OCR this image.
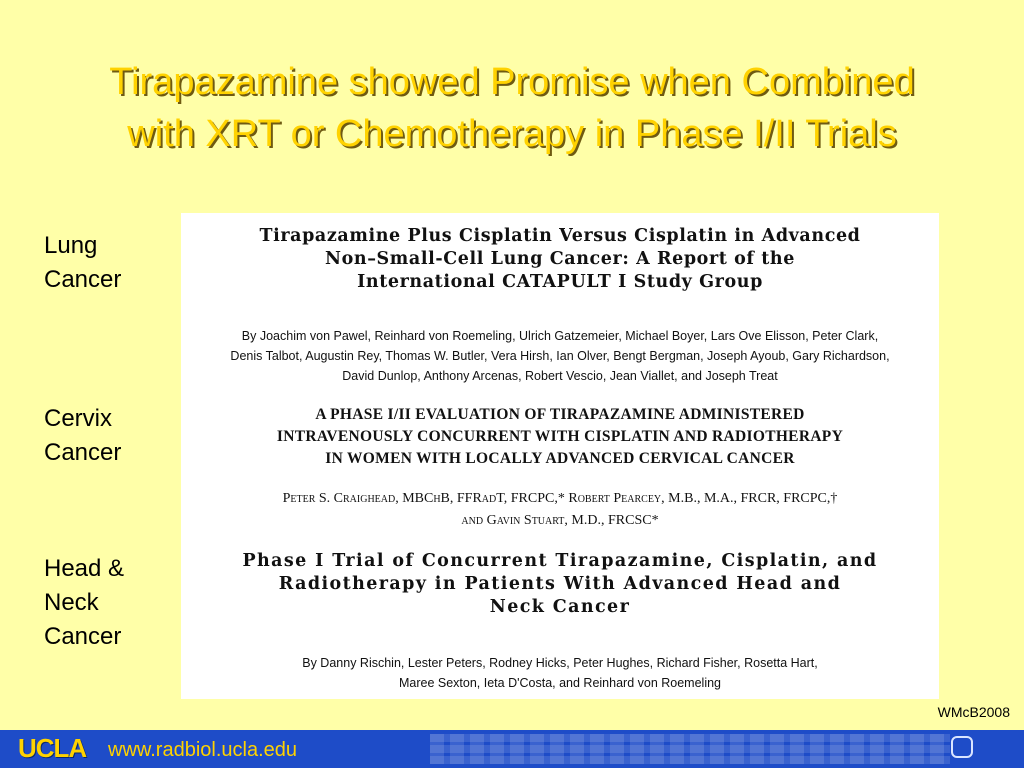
Tirapazamine showed Promise when Combined
with XRT or Chemotherapy in Phase I/II Trials
Lung
Cancer
Cervix
Cancer
Head &
Neck
Cancer
Tirapazamine Plus Cisplatin Versus Cisplatin in Advanced
Non–Small-Cell Lung Cancer: A Report of the
International CATAPULT I Study Group
By Joachim von Pawel, Reinhard von Roemeling, Ulrich Gatzemeier, Michael Boyer, Lars Ove Elisson, Peter Clark,
Denis Talbot, Augustin Rey, Thomas W. Butler, Vera Hirsh, Ian Olver, Bengt Bergman, Joseph Ayoub, Gary Richardson,
David Dunlop, Anthony Arcenas, Robert Vescio, Jean Viallet, and Joseph Treat
A PHASE I/II EVALUATION OF TIRAPAZAMINE ADMINISTERED
INTRAVENOUSLY CONCURRENT WITH CISPLATIN AND RADIOTHERAPY
IN WOMEN WITH LOCALLY ADVANCED CERVICAL CANCER
Peter S. Craighead, MBChB, FFRadT, FRCPC,* Robert Pearcey, M.B., M.A., FRCR, FRCPC,†
and Gavin Stuart, M.D., FRCSC*
Phase I Trial of Concurrent Tirapazamine, Cisplatin, and
Radiotherapy in Patients With Advanced Head and
Neck Cancer
By Danny Rischin, Lester Peters, Rodney Hicks, Peter Hughes, Richard Fisher, Rosetta Hart,
Maree Sexton, Ieta D'Costa, and Reinhard von Roemeling
WMcB2008
UCLA www.radbiol.ucla.edu
